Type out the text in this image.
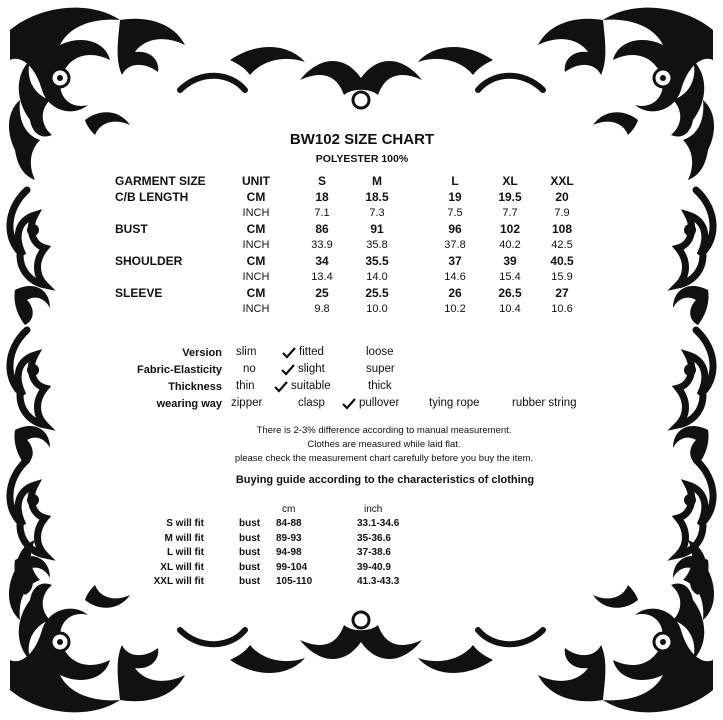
BW102 SIZE CHART
POLYESTER 100%
GARMENT SIZE	UNIT	S	M	L	XL	XXL
C/B LENGTH	CM	18	18.5	19	19.5	20
INCH	7.1	7.3	7.5	7.7	7.9
BUST	CM	86	91	96	102	108
INCH	33.9	35.8	37.8	40.2	42.5
SHOULDER	CM	34	35.5	37	39	40.5
INCH	13.4	14.0	14.6	15.4	15.9
SLEEVE	CM	25	25.5	26	26.5	27
INCH	9.8	10.0	10.2	10.4	10.6
Version slim	fitted	loose
Fabric-Elasticity no	slight	super
Thickness thin	suitable	thick
wearing way zipper	clasp	pullover	tying rope	rubber string
There is 2-3% difference according to manual measurement.
Clothes are measured while laid flat.
please check the measurement chart carefully before you buy the item.
Buying guide according to the characteristics of clothing
cm	inch
S will fit	bust 84-88	33.1-34.6
M will fit	bust 89-93	35-36.6
L will fit	bust 94-98	37-38.6
XL will fit	bust 99-104	39-40.9
XXL will fit	bust 105-110	41.3-43.3
